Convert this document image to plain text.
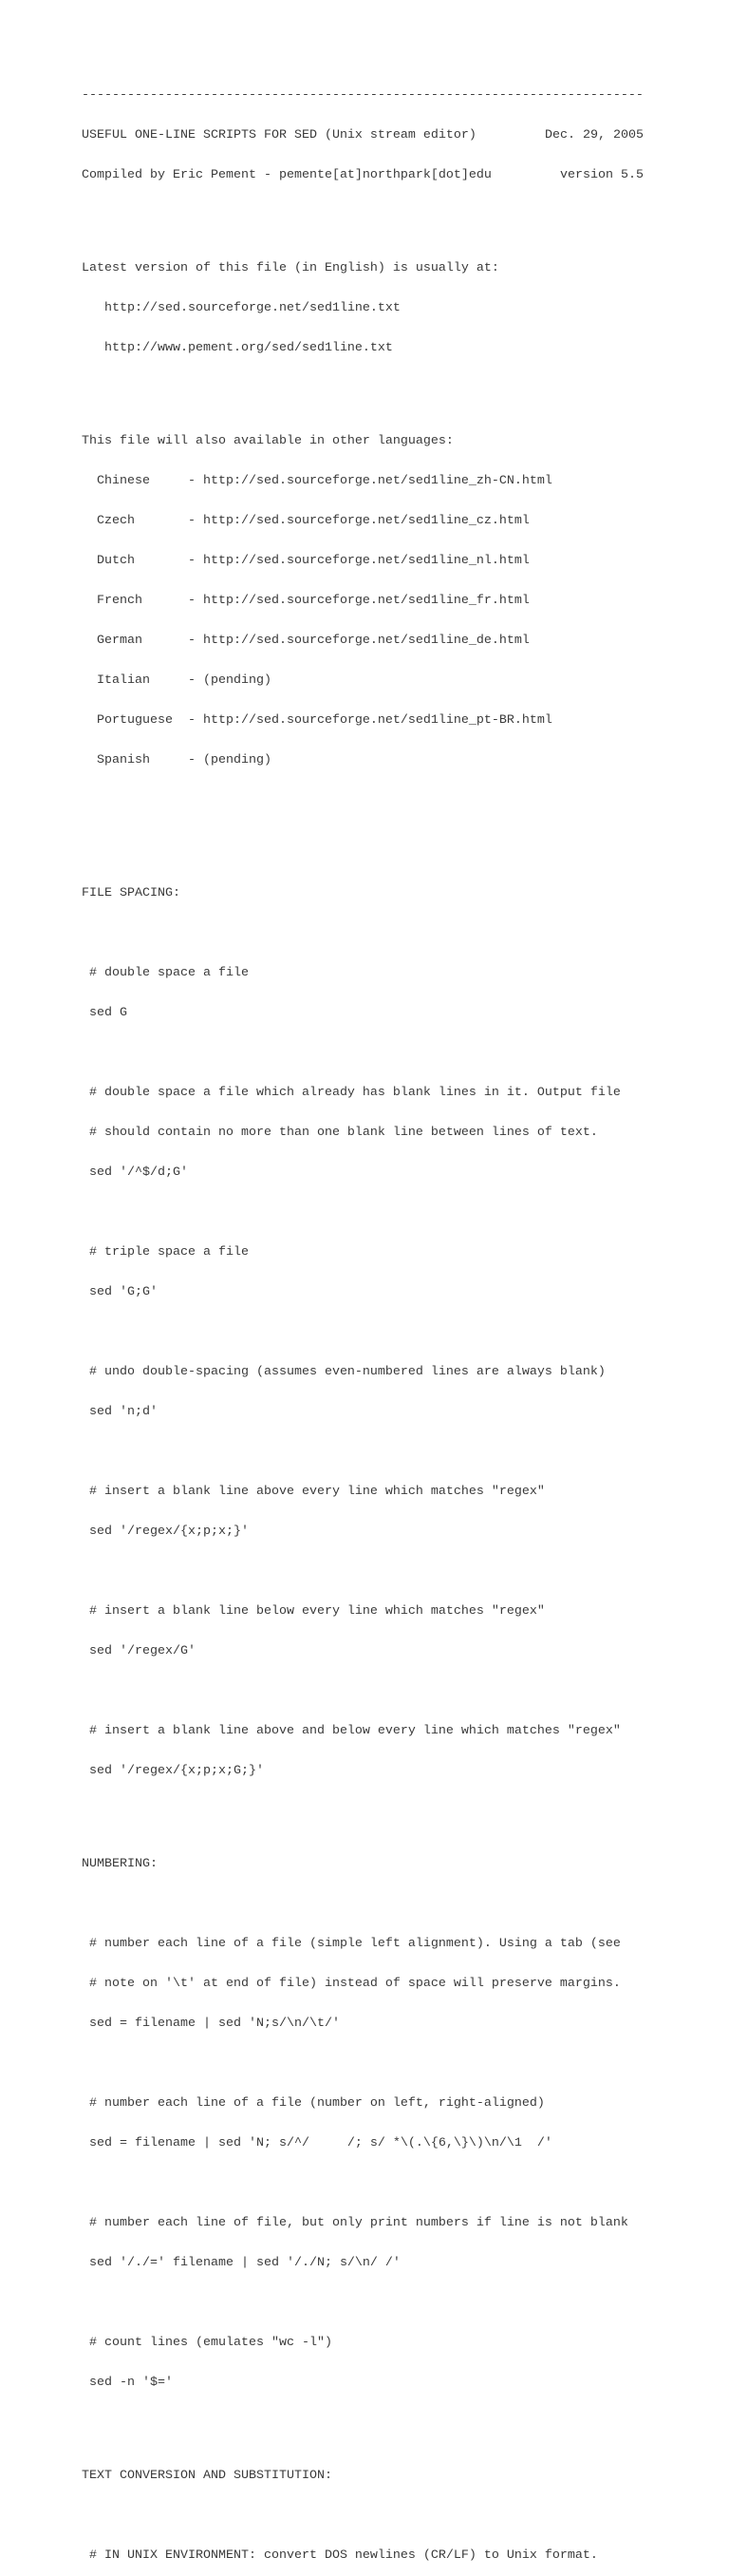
--------------------------------------------------------------------------

USEFUL ONE-LINE SCRIPTS FOR SED (Unix stream editor)	Dec. 29, 2005

Compiled by Eric Pement - pemente[at]northpark[dot]edu	version 5.5

Latest version of this file (in English) is usually at:

http://sed.sourceforge.net/sed1line.txt

http://www.pement.org/sed/sed1line.txt

This file will also available in other languages:

Chinese     - http://sed.sourceforge.net/sed1line_zh-CN.html

Czech       - http://sed.sourceforge.net/sed1line_cz.html

Dutch       - http://sed.sourceforge.net/sed1line_nl.html

French      - http://sed.sourceforge.net/sed1line_fr.html

German      - http://sed.sourceforge.net/sed1line_de.html

Italian     - (pending)

Portuguese  - http://sed.sourceforge.net/sed1line_pt-BR.html

Spanish     - (pending)

FILE SPACING:

# double space a file

sed G

# double space a file which already has blank lines in it. Output file

# should contain no more than one blank line between lines of text.

sed '/^$/d;G'

# triple space a file

sed 'G;G'

# undo double-spacing (assumes even-numbered lines are always blank)

sed 'n;d'

# insert a blank line above every line which matches "regex"

sed '/regex/{x;p;x;}'

# insert a blank line below every line which matches "regex"

sed '/regex/G'

# insert a blank line above and below every line which matches "regex"

sed '/regex/{x;p;x;G;}'

NUMBERING:

# number each line of a file (simple left alignment). Using a tab (see

# note on '\t' at end of file) instead of space will preserve margins.

sed = filename | sed 'N;s/\n/\t/'

# number each line of a file (number on left, right-aligned)

sed = filename | sed 'N; s/^/     /; s/ *\(.\{6,\}\)\n/\1  /'

# number each line of file, but only print numbers if line is not blank

sed '/./=' filename | sed '/./N; s/\n/ /'

# count lines (emulates "wc -l")

sed -n '$='

TEXT CONVERSION AND SUBSTITUTION:

# IN UNIX ENVIRONMENT: convert DOS newlines (CR/LF) to Unix format.
